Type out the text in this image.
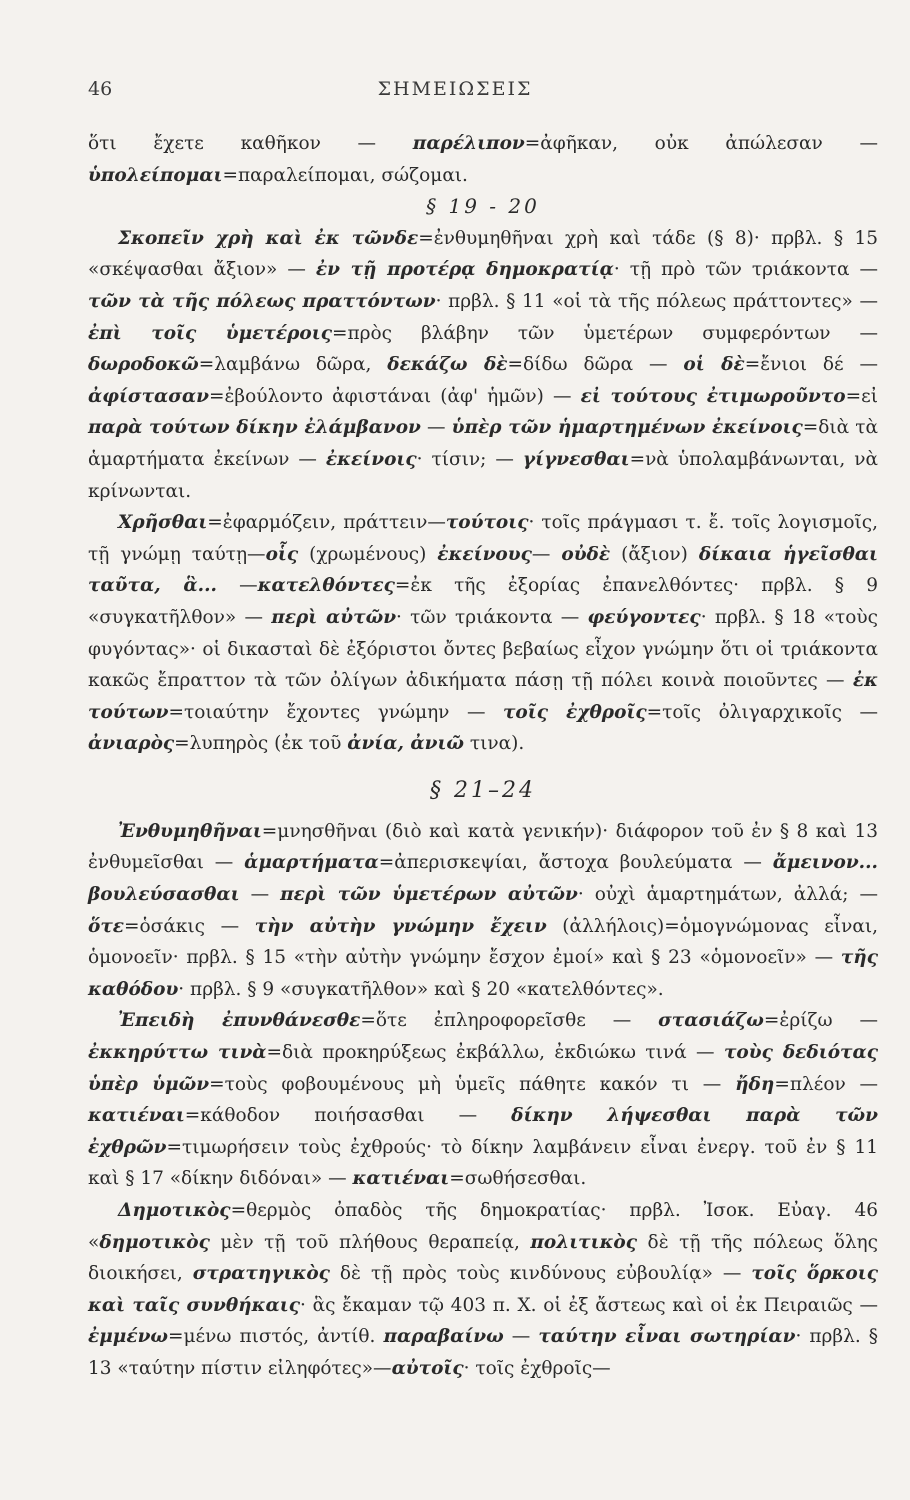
46	ΣΗΜΕΙΩΣΕΙΣ

ὅτι ἔχετε καθῆκον — παρέλιπον=ἀφῆκαν, οὐκ ἀπώλεσαν — ὑπολείπομαι=παραλείπομαι, σώζομαι.

§ 19 - 20

Σκοπεῖν χρὴ καὶ ἐκ τῶνδε=ἐνθυμηθῆναι χρὴ καὶ τάδε (§ 8)· πρβλ. § 15 «σκέψασθαι ἄξιον» — ἐν τῇ προτέρᾳ δημοκρατίᾳ· τῇ πρὸ τῶν τριάκοντα — τῶν τὰ τῆς πόλεως πραττόντων· πρβλ. § 11 «οἱ τὰ τῆς πόλεως πράττοντες» — ἐπὶ τοῖς ὑμετέροις=πρὸς βλάβην τῶν ὑμετέρων συμφερόντων — δωροδοκῶ=λαμβάνω δῶρα, δεκάζω δὲ=δίδω δῶρα — οἱ δὲ=ἔνιοι δέ — ἀφίστασαν=ἐβούλοντο ἀφιστάναι (ἀφ' ἡμῶν) — εἰ τούτους ἐτιμωροῦντο=εἰ παρὰ τούτων δίκην ἐλάμβανον — ὑπὲρ τῶν ἡμαρτημένων ἐκείνοις=διὰ τὰ ἁμαρτήματα ἐκείνων — ἐκείνοις· τίσιν; — γίγνεσθαι=νὰ ὑπολαμβάνωνται, νὰ κρίνωνται.

Χρῆσθαι=ἐφαρμόζειν, πράττειν—τούτοις· τοῖς πράγμασι τ. ἔ. τοῖς λογισμοῖς, τῇ γνώμῃ ταύτῃ—οἷς (χρωμένους) ἐκείνους— οὐδὲ (ἄξιον) δίκαια ἡγεῖσθαι ταῦτα, ἃ... —κατελθόντες=ἐκ τῆς ἐξορίας ἐπανελθόντες· πρβλ. § 9 «συγκατῆλθον» — περὶ αὐτῶν· τῶν τριάκοντα — φεύγοντες· πρβλ. § 18 «τοὺς φυγόντας»· οἱ δικασταὶ δὲ ἐξόριστοι ὄντες βεβαίως εἶχον γνώμην ὅτι οἱ τριάκοντα κακῶς ἔπραττον τὰ τῶν ὀλίγων ἀδικήματα πάσῃ τῇ πόλει κοινὰ ποιοῦντες — ἐκ τούτων=τοιαύτην ἔχοντες γνώμην — τοῖς ἐχθροῖς=τοῖς ὀλιγαρχικοῖς — ἀνιαρὸς=λυπηρὸς (ἐκ τοῦ ἀνία, ἀνιῶ τινα).

§ 21–24

Ἐνθυμηθῆναι=μνησθῆναι (διὸ καὶ κατὰ γενικήν)· διάφορον τοῦ ἐν § 8 καὶ 13 ἐνθυμεῖσθαι — ἁμαρτήματα=ἀπερισκεψίαι, ἄστοχα βουλεύματα — ἄμεινον... βουλεύσασθαι — περὶ τῶν ὑμετέρων αὐτῶν· οὐχὶ ἁμαρτημάτων, ἀλλά; — ὅτε=ὁσάκις — τὴν αὐτὴν γνώμην ἔχειν (ἀλλήλοις)=ὁμογνώμονας εἶναι, ὁμονοεῖν· πρβλ. § 15 «τὴν αὐτὴν γνώμην ἔσχον ἐμοί» καὶ § 23 «ὁμονοεῖν» — τῆς καθόδου· πρβλ. § 9 «συγκατῆλθον» καὶ § 20 «κατελθόντες».

Ἐπειδὴ ἐπυνθάνεσθε=ὅτε ἐπληροφορεῖσθε — στασιάζω=ἐρίζω — ἐκκηρύττω τινὰ=διὰ προκηρύξεως ἐκβάλλω, ἐκδιώκω τινά — τοὺς δεδιότας ὑπὲρ ὑμῶν=τοὺς φοβουμένους μὴ ὑμεῖς πάθητε κακόν τι — ἤδη=πλέον — κατιέναι=κάθοδον ποιήσασθαι — δίκην λήψεσθαι παρὰ τῶν ἐχθρῶν=τιμωρήσειν τοὺς ἐχθρούς· τὸ δίκην λαμβάνειν εἶναι ἐνεργ. τοῦ ἐν § 11 καὶ § 17 «δίκην διδόναι» — κατιέναι=σωθήσεσθαι.

Δημοτικὸς=θερμὸς ὀπαδὸς τῆς δημοκρατίας· πρβλ. Ἰσοκ. Εὐαγ. 46 «δημοτικὸς μὲν τῇ τοῦ πλήθους θεραπείᾳ, πολιτικὸς δὲ τῇ τῆς πόλεως ὅλης διοικήσει, στρατηγικὸς δὲ τῇ πρὸς τοὺς κινδύνους εὐβουλίᾳ» — τοῖς ὅρκοις καὶ ταῖς συνθήκαις· ἃς ἔκαμαν τῷ 403 π. Χ. οἱ ἐξ ἄστεως καὶ οἱ ἐκ Πειραιῶς — ἐμμένω=μένω πιστός, ἀντίθ. παραβαίνω — ταύτην εἶναι σωτηρίαν· πρβλ. § 13 «ταύτην πίστιν εἰληφότες»—αὐτοῖς· τοῖς ἐχθροῖς—
